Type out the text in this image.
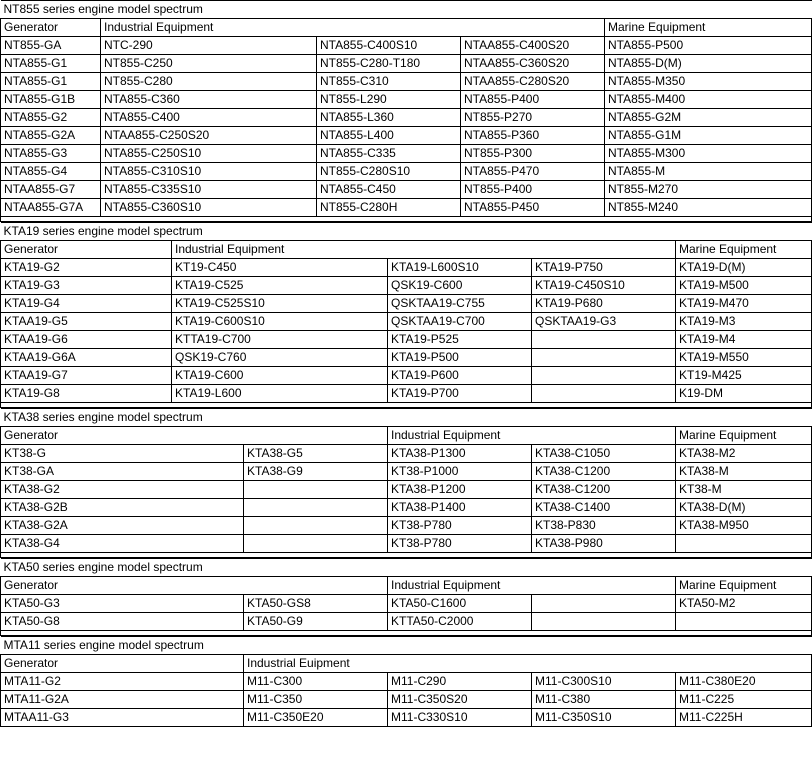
NT855 series engine model spectrum				
Generator	Industrial Equipment			Marine Equipment
NT855-GA	NTC-290	NTA855-C400S10	NTAA855-C400S20	NTA855-P500
NTA855-G1	NT855-C250	NT855-C280-T180	NTAA855-C360S20	NTA855-D(M)
NTA855-G1	NT855-C280	NT855-C310	NTAA855-C280S20	NTA855-M350
NTA855-G1B	NTA855-C360	NT855-L290	NTA855-P400	NTA855-M400
NTA855-G2	NTA855-C400	NTA855-L360	NT855-P270	NTA855-G2M
NTA855-G2A	NTAA855-C250S20	NTA855-L400	NTA855-P360	NTA855-G1M
NTA855-G3	NTA855-C250S10	NTA855-C335	NT855-P300	NTA855-M300
NTA855-G4	NTA855-C310S10	NT855-C280S10	NTA855-P470	NTA855-M
NTAA855-G7	NTA855-C335S10	NTA855-C450	NT855-P400	NT855-M270
NTAA855-G7A	NTA855-C360S10	NT855-C280H	NTA855-P450	NT855-M240

KTA19 series engine model spectrum				
Generator	Industrial Equipment			Marine Equipment
KTA19-G2	KT19-C450	KTA19-L600S10	KTA19-P750	KTA19-D(M)
KTA19-G3	KTA19-C525	QSK19-C600	KTA19-C450S10	KTA19-M500
KTA19-G4	KTA19-C525S10	QSKTAA19-C755	KTA19-P680	KTA19-M470
KTAA19-G5	KTA19-C600S10	QSKTAA19-C700	QSKTAA19-G3	KTA19-M3
KTAA19-G6	KTTA19-C700	KTA19-P525		KTA19-M4
KTAA19-G6A	QSK19-C760	KTA19-P500		KTA19-M550
KTAA19-G7	KTA19-C600	KTA19-P600		KT19-M425
KTA19-G8	KTA19-L600	KTA19-P700		K19-DM

KTA38 series engine model spectrum				
Generator		Industrial Equipment		Marine Equipment
KT38-G	KTA38-G5	KTA38-P1300	KTA38-C1050	KTA38-M2
KT38-GA	KTA38-G9	KT38-P1000	KTA38-C1200	KTA38-M
KTA38-G2		KTA38-P1200	KTA38-C1200	KT38-M
KTA38-G2B		KTA38-P1400	KTA38-C1400	KTA38-D(M)
KTA38-G2A		KT38-P780	KT38-P830	KTA38-M950
KTA38-G4		KT38-P780	KTA38-P980	

KTA50 series engine model spectrum				
Generator		Industrial Equipment		Marine Equipment
KTA50-G3	KTA50-GS8	KTA50-C1600		KTA50-M2
KTA50-G8	KTA50-G9	KTTA50-C2000		

MTA11 series engine model spectrum				
Generator	Industrial Euipment			
MTA11-G2	M11-C300	M11-C290	M11-C300S10	M11-C380E20
MTA11-G2A	M11-C350	M11-C350S20	M11-C380	M11-C225
MTAA11-G3	M11-C350E20	M11-C330S10	M11-C350S10	M11-C225H
